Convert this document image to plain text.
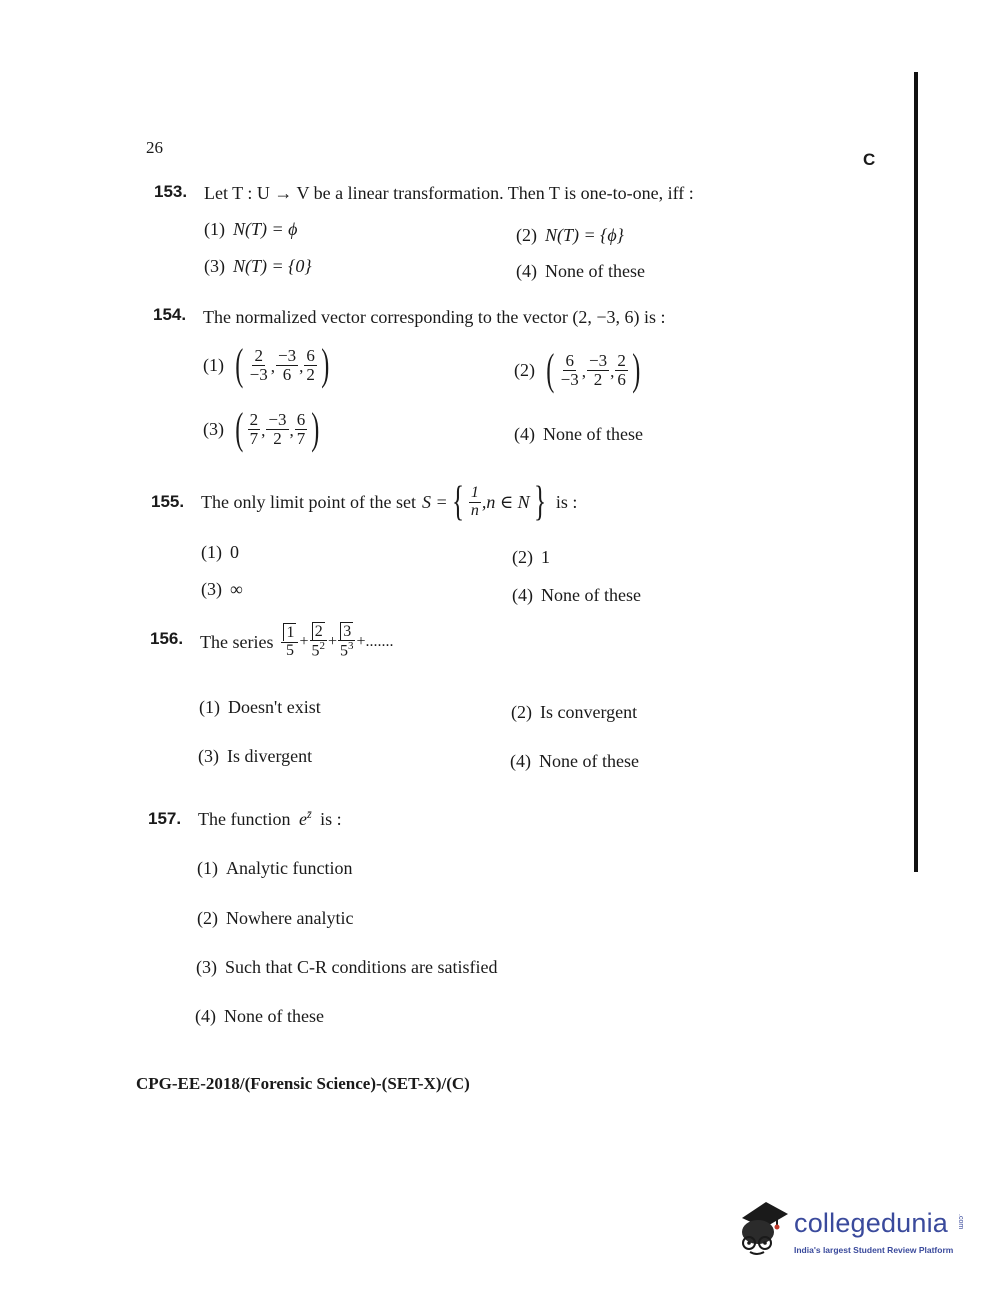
26
C
153. Let T : U → V be a linear transformation. Then T is one-to-one, iff :
(1) N(T) = ϕ	(2) N(T) = {ϕ}
(3) N(T) = {0}	(4) None of these
154. The normalized vector corresponding to the vector (2, −3, 6) is :
(1) ( $\frac{2}{-3}$ , $\frac{-3}{6}$ , $\frac{6}{2}$ )	(2) ( $\frac{6}{-3}$ , $\frac{-3}{2}$ , $\frac{2}{6}$ )
(3) ( $\frac{2}{7}$ , $\frac{-3}{2}$ , $\frac{6}{7}$ )	(4) None of these
155. The only limit point of the set S = { $\frac{1}{n} ,n$ ∈ N } is :
(1) 0	(2) 1
(3) ∞	(4) None of these
156. The series $\frac{1}{5} + \frac{2}{5^2} + \frac{3}{5^3}$ +.......
(1) Doesn't exist	(2) Is convergent
(3) Is divergent	(4) None of these
157. The function $e^{z̄}$ is :
(1) Analytic function
(2) Nowhere analytic
(3) Such that C-R conditions are satisfied
(4) None of these
CPG-EE-2018/(Forensic Science)-(SET-X)/(C)
collegedunia .com
India's largest Student Review Platform
